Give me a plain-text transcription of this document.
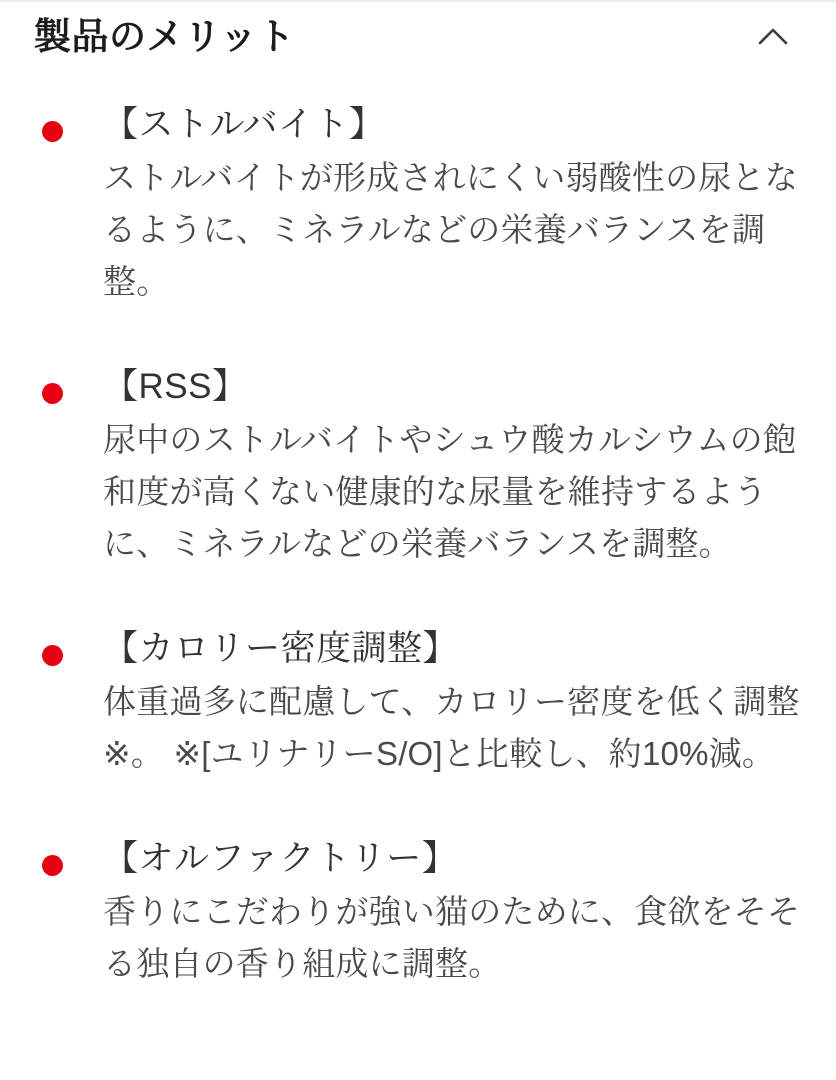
製品のメリット

【ストルバイト】

ストルバイトが形成されにくい弱酸性の尿となるように、ミネラルなどの栄養バランスを調整。

【RSS】

尿中のストルバイトやシュウ酸カルシウムの飽和度が高くない健康的な尿量を維持するように、ミネラルなどの栄養バランスを調整。

【カロリー密度調整】

体重過多に配慮して、カロリー密度を低く調整※。 ※[ユリナリーS/O]と比較し、約10%減。

【オルファクトリー】

香りにこだわりが強い猫のために、食欲をそそる独自の香り組成に調整。
